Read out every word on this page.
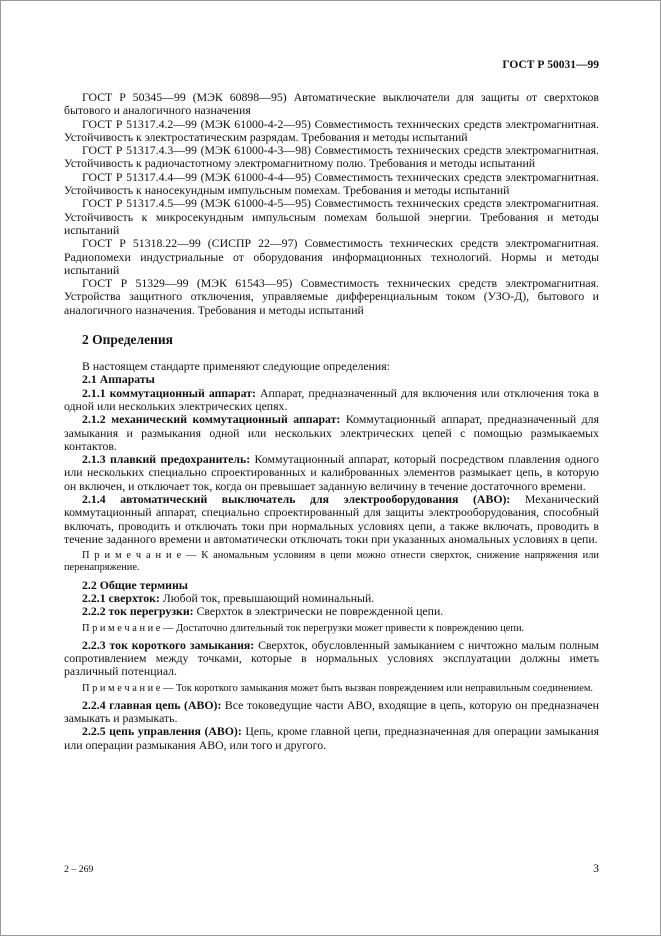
ГОСТ Р 50031—99

ГОСТ Р 50345—99 (МЭК 60898—95) Автоматические выключатели для защиты от сверхтоков бытового и аналогичного назначения

ГОСТ Р 51317.4.2—99 (МЭК 61000-4-2—95) Совместимость технических средств электромагнитная. Устойчивость к электростатическим разрядам. Требования и методы испытаний

ГОСТ Р 51317.4.3—99 (МЭК 61000-4-3—98) Совместимость технических средств электромагнитная. Устойчивость к радиочастотному электромагнитному полю. Требования и методы испытаний

ГОСТ Р 51317.4.4—99 (МЭК 61000-4-4—95) Совместимость технических средств электромагнитная. Устойчивость к наносекундным импульсным помехам. Требования и методы испытаний

ГОСТ Р 51317.4.5—99 (МЭК 61000-4-5—95) Совместимость технических средств электромагнитная. Устойчивость к микросекундным импульсным помехам большой энергии. Требования и методы испытаний

ГОСТ Р 51318.22—99 (СИСПР 22—97) Совместимость технических средств электромагнитная. Радиопомехи индустриальные от оборудования информационных технологий. Нормы и методы испытаний

ГОСТ Р 51329—99 (МЭК 61543—95) Совместимость технических средств электромагнитная. Устройства защитного отключения, управляемые дифференциальным током (УЗО-Д), бытового и аналогичного назначения. Требования и методы испытаний

2 Определения

В настоящем стандарте применяют следующие определения:

2.1 Аппараты

2.1.1 коммутационный аппарат: Аппарат, предназначенный для включения или отключения тока в одной или нескольких электрических цепях.

2.1.2 механический коммутационный аппарат: Коммутационный аппарат, предназначенный для замыкания и размыкания одной или нескольких электрических цепей с помощью размыкаемых контактов.

2.1.3 плавкий предохранитель: Коммутационный аппарат, который посредством плавления одного или нескольких специально спроектированных и калиброванных элементов размыкает цепь, в которую он включен, и отключает ток, когда он превышает заданную величину в течение достаточного времени.

2.1.4 автоматический выключатель для электрооборудования (АВО): Механический коммутационный аппарат, специально спроектированный для защиты электрооборудования, способный включать, проводить и отключать токи при нормальных условиях цепи, а также включать, проводить в течение заданного времени и автоматически отключать токи при указанных аномальных условиях в цепи.

П р и м е ч а н и е — К аномальным условиям в цепи можно отнести сверхток, снижение напряжения или перенапряжение.

2.2 Общие термины

2.2.1 сверхток: Любой ток, превышающий номинальный.

2.2.2 ток перегрузки: Сверхток в электрически не поврежденной цепи.

П р и м е ч а н и е — Достаточно длительный ток перегрузки может привести к повреждению цепи.

2.2.3 ток короткого замыкания: Сверхток, обусловленный замыканием с ничтожно малым полным сопротивлением между точками, которые в нормальных условиях эксплуатации должны иметь различный потенциал.

П р и м е ч а н и е — Ток короткого замыкания может быть вызван повреждением или неправильным соединением.

2.2.4 главная цепь (АВО): Все токоведущие части АВО, входящие в цепь, которую он предназначен замыкать и размыкать.

2.2.5 цепь управления (АВО): Цепь, кроме главной цепи, предназначенная для операции замыкания или операции размыкания АВО, или того и другого.

2 – 269	3
